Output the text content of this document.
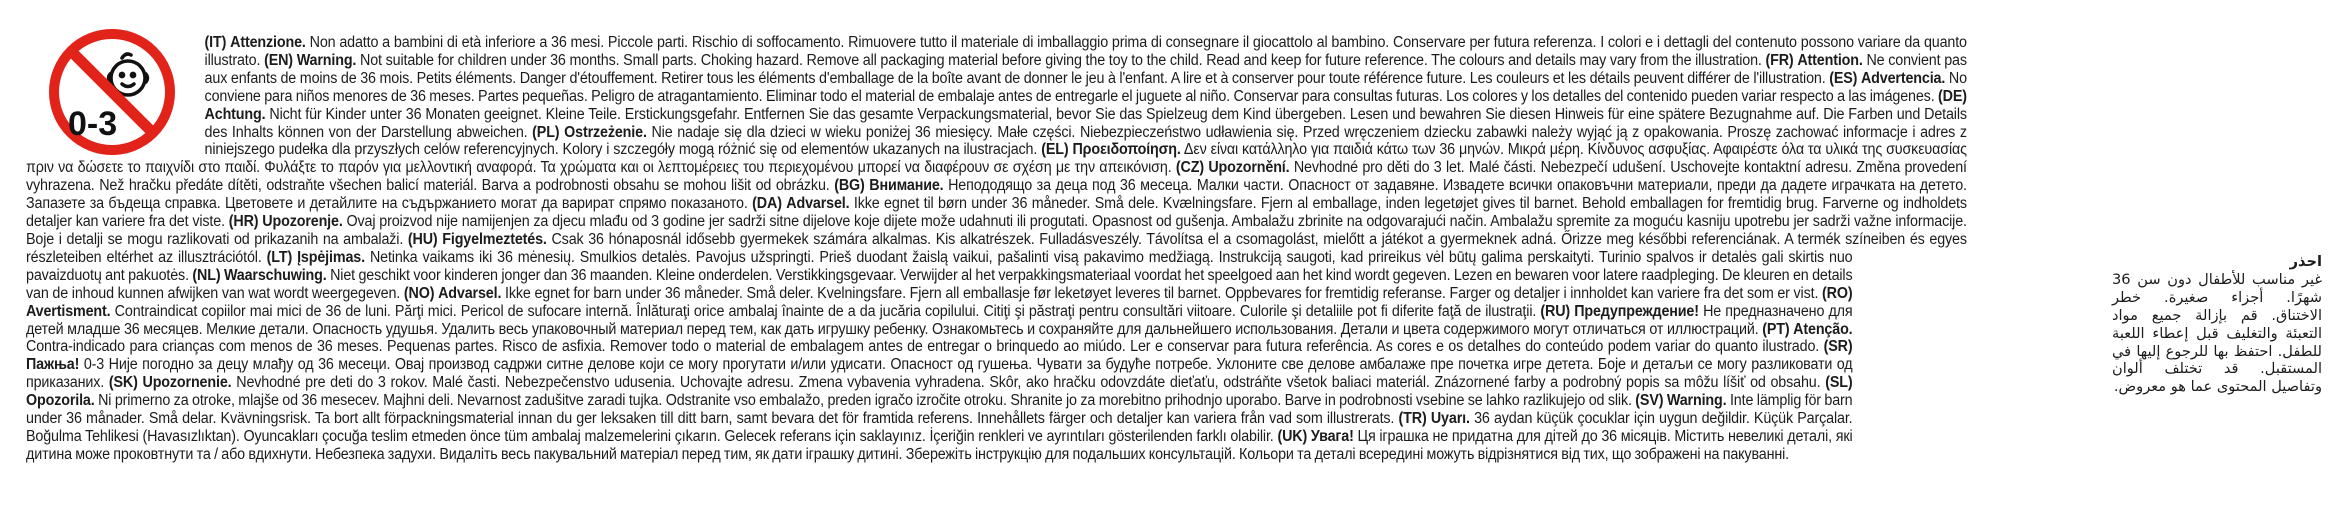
0-3
(IT) Attenzione. Non adatto a bambini di età inferiore a 36 mesi. Piccole parti. Rischio di soffocamento. Rimuovere tutto il materiale di imballaggio prima di consegnare il giocattolo al bambino. Conservare per futura referenza. I colori e i dettagli del contenuto possono variare da quanto illustrato. (EN) Warning. Not suitable for children under 36 months. Small parts. Choking hazard. Remove all packaging material before giving the toy to the child. Read and keep for future reference. The colours and details may vary from the illustration. (FR) Attention. Ne convient pas aux enfants de moins de 36 mois. Petits éléments. Danger d'étouffement. Retirer tous les éléments d'emballage de la boîte avant de donner le jeu à l'enfant. A lire et à conserver pour toute référence future. Les couleurs et les détails peuvent différer de l'illustration. (ES) Advertencia. No conviene para niños menores de 36 meses. Partes pequeñas. Peligro de atragantamiento. Eliminar todo el material de embalaje antes de entregarle el juguete al niño. Conservar para consultas futuras. Los colores y los detalles del contenido pueden variar respecto a las imágenes. (DE) Achtung. Nicht für Kinder unter 36 Monaten geeignet. Kleine Teile. Erstickungsgefahr. Entfernen Sie das gesamte Verpackungsmaterial, bevor Sie das Spielzeug dem Kind übergeben. Lesen und bewahren Sie diesen Hinweis für eine spätere Bezugnahme auf. Die Farben und Details des Inhalts können von der Darstellung abweichen. (PL) Ostrzeżenie. Nie nadaje się dla dzieci w wieku poniżej 36 miesięcy. Małe części. Niebezpieczeństwo udławienia się. Przed wręczeniem dziecku zabawki należy wyjąć ją z opakowania. Proszę zachować informacje i adres z niniejszego pudełka dla przyszłych celów referencyjnych. Kolory i szczegóły mogą różnić się od elementów ukazanych na ilustracjach. (EL) Προειδοποίηση. Δεν είναι κατάλληλο για παιδιά κάτω των 36 μηνών. Μικρά μέρη. Κίνδυνος ασφυξίας. Αφαιρέστε όλα τα υλικά της συσκευασίας πριν να δώσετε το παιχνίδι στο παιδί. Φυλάξτε το παρόν για μελλοντική αναφορά. Τα χρώματα και οι λεπτομέρειες του περιεχομένου μπορεί να διαφέρουν σε σχέση με την απεικόνιση. (CZ) Upozornění. Nevhodné pro děti do 3 let. Malé části. Nebezpečí udušení. Uschovejte kontaktní adresu. Změna provedení vyhrazena. Než hračku předáte dítěti, odstraňte všechen balicí materiál. Barva a podrobnosti obsahu se mohou lišit od obrázku. (BG) Внимание. Непододящо за деца под 36 месеца. Малки части. Опасност от задавяне. Извадете всички опаковъчни материали, преди да дадете играчката на детето. Запазете за бъдеща справка. Цветовете и детайлите на съдържанието могат да варират спрямо показаното. (DA) Advarsel. Ikke egnet til børn under 36 måneder. Små dele. Kvælningsfare. Fjern al emballage, inden legetøjet gives til barnet. Behold emballagen for fremtidig brug. Farverne og indholdets detaljer kan variere fra det viste. (HR) Upozorenje. Ovaj proizvod nije namijenjen za djecu mlađu od 3 godine jer sadrži sitne dijelove koje dijete može udahnuti ili progutati. Opasnost od gušenja. Ambalažu zbrinite na odgovarajući način. Ambalažu spremite za moguću kasniju upotrebu jer sadrži važne informacije. Boje i detalji se mogu razlikovati od prikazanih na ambalaži. (HU) Figyelmeztetés. Csak 36 hónaposnál idősebb gyermekek számára alkalmas. Kis alkatrészek. Fulladásveszély. Távolítsa el a csomagolást, mielőtt a játékot a gyermeknek adná. Őrizze meg későbbi referenciának. A termék színeiben és egyes részleteiben eltérhet az illusztrációtól. (LT) Įspėjimas. Netinka vaikams iki 36 mėnesių. Smulkios detalės. Pavojus užspringti. Prieš duodant žaislą vaikui, pašalinti visą pakavimo medžiagą. Instrukciją saugoti, kad prireikus vėl būtų galima perskaityti. Turinio spalvos ir detalės gali skirtis nuo pavaizduotų ant pakuotės. (NL) Waarschuwing. Niet geschikt voor kinderen jonger dan 36 maanden. Kleine onderdelen. Verstikkingsgevaar. Verwijder al het verpakkingsmateriaal voordat het speelgoed aan het kind wordt gegeven. Lezen en bewaren voor latere raadpleging. De kleuren en details van de inhoud kunnen afwijken van wat wordt weergegeven. (NO) Advarsel. Ikke egnet for barn under 36 måneder. Små deler. Kvelningsfare. Fjern all emballasje før leketøyet leveres til barnet. Oppbevares for fremtidig referanse. Farger og detaljer i innholdet kan variere fra det som er vist. (RO) Avertisment. Contraindicat copiilor mai mici de 36 de luni. Părţi mici. Pericol de sufocare internă. Înlăturaţi orice ambalaj înainte de a da jucăria copilului. Citiţi şi păstraţi pentru consultări viitoare. Culorile şi detaliile pot fi diferite faţă de ilustraţii. (RU) Предупреждение! Не предназначено для детей младше 36 месяцев. Мелкие детали. Опасность удушья. Удалить весь упаковочный материал перед тем, как дать игрушку ребенку. Ознакомьтесь и сохраняйте для дальнейшего использования. Детали и цвета содержимого могут отличаться от иллюстраций. (PT) Atenção. Contra-indicado para crianças com menos de 36 meses. Pequenas partes. Risco de asfixia. Remover todo o material de embalagem antes de entregar o brinquedo ao miúdo. Ler e conservar para futura referência. As cores e os detalhes do conteúdo podem variar do quanto ilustrado. (SR) Пажња! 0-3 Није погодно за децу млађу од 36 месеци. Овај производ садржи ситне делове који се могу прогутати и/или удисати. Опасност од гушења. Чувати за будуће потребе. Уклоните све делове амбалаже пре почетка игре детета. Боје и детаљи се могу разликовати од приказаних. (SK) Upozornenie. Nevhodné pre deti do 3 rokov. Malé časti. Nebezpečenstvo udusenia. Uchovajte adresu. Zmena vybavenia vyhradena. Skôr, ako hračku odovzdáte dieťaťu, odstráňte všetok baliaci materiál. Znázornené farby a podrobný popis sa môžu líšiť od obsahu. (SL) Opozorila. Ni primerno za otroke, mlajše od 36 mesecev. Majhni deli. Nevarnost zadušitve zaradi tujka. Odstranite vso embalažo, preden igračo izročite otroku. Shranite jo za morebitno prihodnjo uporabo. Barve in podrobnosti vsebine se lahko razlikujejo od slik. (SV) Warning. Inte lämplig för barn under 36 månader. Små delar. Kvävningsrisk. Ta bort allt förpackningsmaterial innan du ger leksaken till ditt barn, samt bevara det för framtida referens. Innehållets färger och detaljer kan variera från vad som illustrerats. (TR) Uyarı. 36 aydan küçük çocuklar için uygun değildir. Küçük Parçalar. Boğulma Tehlikesi (Havasızlıktan). Oyuncakları çocuğa teslim etmeden önce tüm ambalaj malzemelerini çıkarın. Gelecek referans için saklayınız. İçeriğin renkleri ve ayrıntıları gösterilenden farklı olabilir. (UK) Увага! Ця іграшка не придатна для дітей до 36 місяців. Містить невеликі деталі, які дитина може проковтнути та / або вдихнути. Небезпека задухи. Видаліть весь пакувальний матеріал перед тим, як дати іграшку дитині. Збережіть інструкцію для подальших консультацій. Кольори та деталі всередині можуть відрізнятися від тих, що зображені на пакуванні.
احذر
غير مناسب للأطفال دون سن 36 شهرًا. أجزاء صغيرة. خطر الاختناق. قم بإزالة جميع مواد التعبئة والتغليف قبل إعطاء اللعبة للطفل. احتفظ بها للرجوع إليها في المستقبل. قد تختلف ألوان وتفاصيل المحتوى عما هو معروض.
